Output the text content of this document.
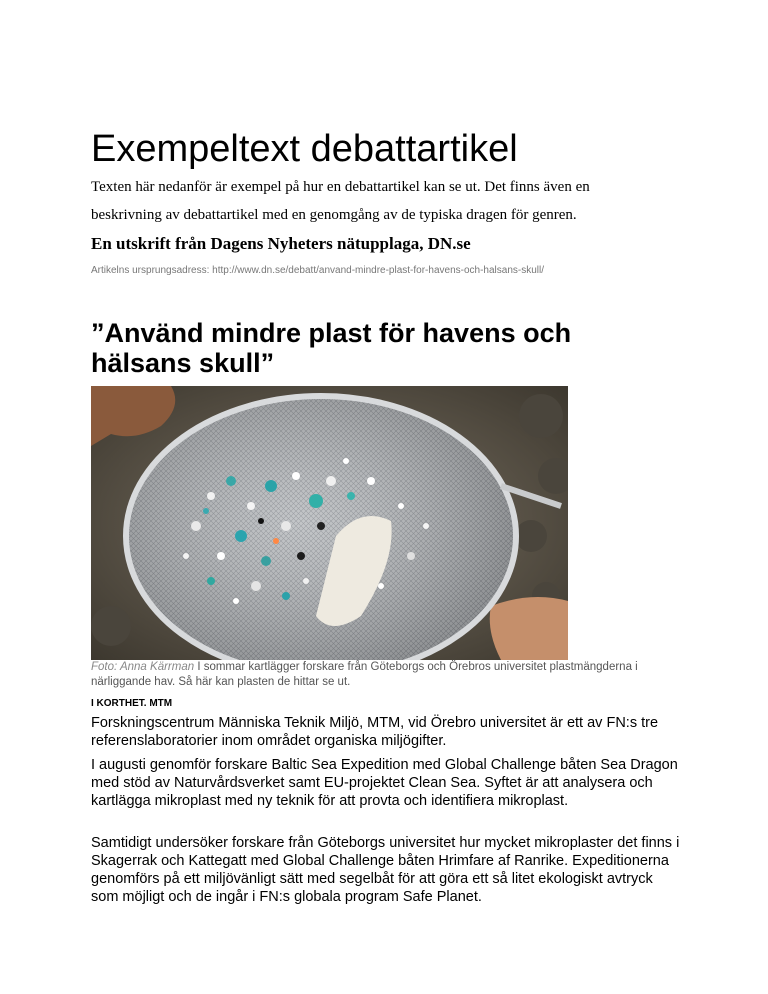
Exempeltext debattartikel

Texten här nedanför är exempel på hur en debattartikel kan se ut. Det finns även en beskrivning av debattartikel med en genomgång av de typiska dragen för genren.

En utskrift från Dagens Nyheters nätupplaga, DN.se

Artikelns ursprungsadress: http://www.dn.se/debatt/anvand-mindre-plast-for-havens-och-halsans-skull/

”Använd mindre plast för havens och hälsans skull”

Foto: Anna Kärrman I sommar kartlägger forskare från Göteborgs och Örebros universitet plastmängderna i närliggande hav. Så här kan plasten de hittar se ut.

I KORTHET. MTM

Forskningscentrum Människa Teknik Miljö, MTM, vid Örebro universitet är ett av FN:s tre referenslaboratorier inom området organiska miljögifter.

I augusti genomför forskare Baltic Sea Expedition med Global Challenge båten Sea Dragon med stöd av Naturvårdsverket samt EU-projektet Clean Sea. Syftet är att analysera och kartlägga mikroplast med ny teknik för att provta och identifiera mikroplast.

Samtidigt undersöker forskare från Göteborgs universitet hur mycket mikroplaster det finns i Skagerrak och Kattegatt med Global Challenge båten Hrimfare af Ranrike. Expeditionerna genomförs på ett miljövänligt sätt med segelbåt för att göra ett så litet ekologiskt avtryck som möjligt och de ingår i FN:s globala program Safe Planet.
